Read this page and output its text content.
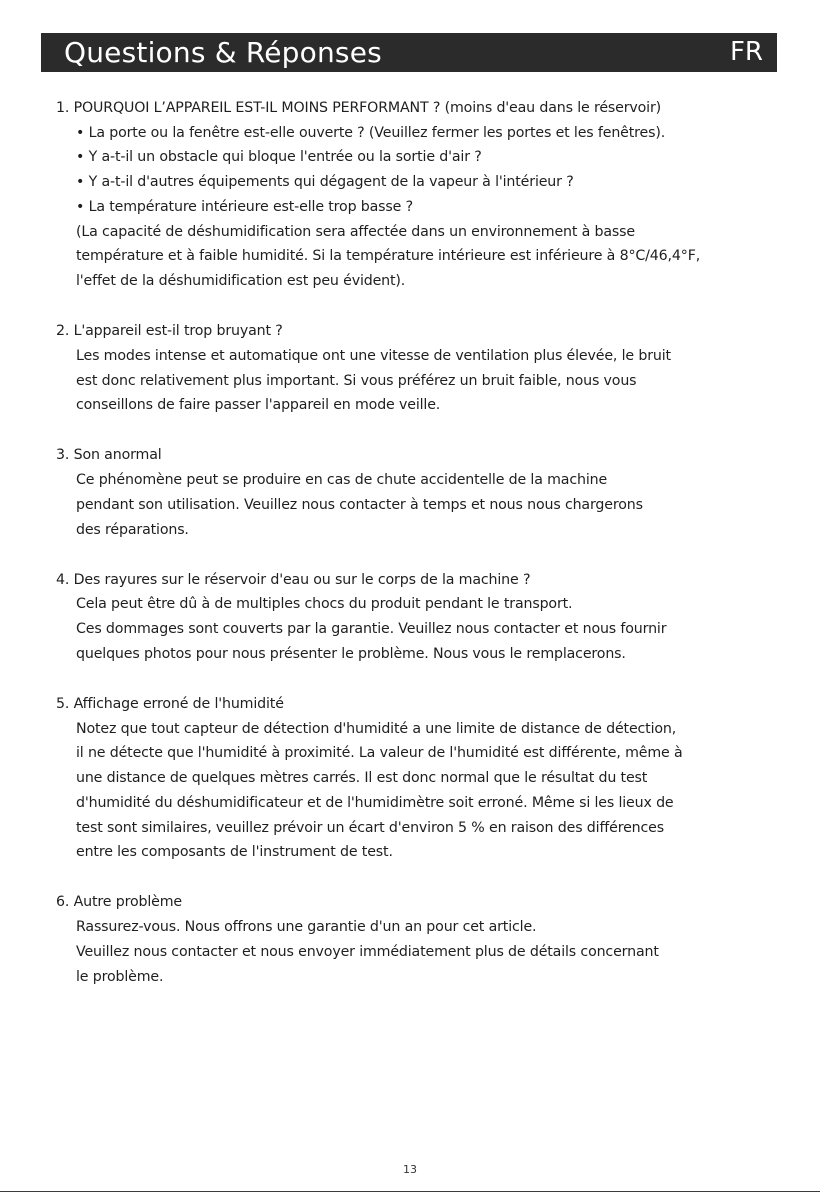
Questions & Réponses	FR
1. POURQUOI L’APPAREIL EST-IL MOINS PERFORMANT ? (moins d'eau dans le réservoir)
• La porte ou la fenêtre est-elle ouverte ? (Veuillez fermer les portes et les fenêtres).
• Y a-t-il un obstacle qui bloque l'entrée ou la sortie d'air ?
• Y a-t-il d'autres équipements qui dégagent de la vapeur à l'intérieur ?
• La température intérieure est-elle trop basse ?
(La capacité de déshumidification sera affectée dans un environnement à basse
température et à faible humidité. Si la température intérieure est inférieure à 8°C/46,4°F,
l'effet de la déshumidification est peu évident).
2. L'appareil est-il trop bruyant ?
Les modes intense et automatique ont une vitesse de ventilation plus élevée, le bruit
est donc relativement plus important. Si vous préférez un bruit faible, nous vous
conseillons de faire passer l'appareil en mode veille.
3. Son anormal
Ce phénomène peut se produire en cas de chute accidentelle de la machine
pendant son utilisation. Veuillez nous contacter à temps et nous nous chargerons
des réparations.
4. Des rayures sur le réservoir d'eau ou sur le corps de la machine ?
Cela peut être dû à de multiples chocs du produit pendant le transport.
Ces dommages sont couverts par la garantie. Veuillez nous contacter et nous fournir
quelques photos pour nous présenter le problème. Nous vous le remplacerons.
5. Affichage erroné de l'humidité
Notez que tout capteur de détection d'humidité a une limite de distance de détection,
il ne détecte que l'humidité à proximité. La valeur de l'humidité est différente, même à
une distance de quelques mètres carrés. Il est donc normal que le résultat du test
d'humidité du déshumidificateur et de l'humidimètre soit erroné. Même si les lieux de
test sont similaires, veuillez prévoir un écart d'environ 5 % en raison des différences
entre les composants de l'instrument de test.
6. Autre problème
Rassurez-vous. Nous offrons une garantie d'un an pour cet article.
Veuillez nous contacter et nous envoyer immédiatement plus de détails concernant
le problème.
13
